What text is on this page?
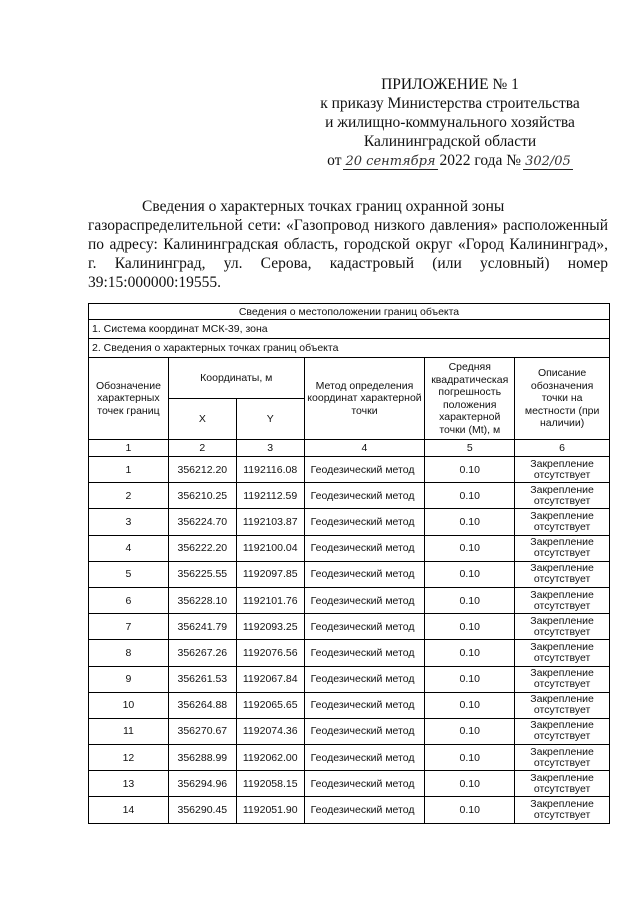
ПРИЛОЖЕНИЕ № 1
к приказу Министерства строительства
и жилищно-коммунального хозяйства
Калининградской области
от 20 сентября 2022 года № 302/05
Сведения о характерных точках границ охранной зоны
газораспределительной сети: «Газопровод низкого давления» расположенный по адресу: Калининградская область, городской округ «Город Калининград», г. Калининград, ул. Серова, кадастровый (или условный) номер 39:15:000000:19555.
Сведения о местоположении границ объекта					
1. Система координат МСК-39, зона					
2. Сведения о характерных точках границ объекта					
Обозначение характерных точек границ	Координаты, м		Метод определения координат характерной точки	Средняя квадратическая погрешность положения характерной точки (Mt), м	Описание обозначения точки на местности (при наличии)
	X	Y			
1	2	3	4	5	6
1	356212.20	1192116.08	Геодезический метод	0.10	Закрепление отсутствует
2	356210.25	1192112.59	Геодезический метод	0.10	Закрепление отсутствует
3	356224.70	1192103.87	Геодезический метод	0.10	Закрепление отсутствует
4	356222.20	1192100.04	Геодезический метод	0.10	Закрепление отсутствует
5	356225.55	1192097.85	Геодезический метод	0.10	Закрепление отсутствует
6	356228.10	1192101.76	Геодезический метод	0.10	Закрепление отсутствует
7	356241.79	1192093.25	Геодезический метод	0.10	Закрепление отсутствует
8	356267.26	1192076.56	Геодезический метод	0.10	Закрепление отсутствует
9	356261.53	1192067.84	Геодезический метод	0.10	Закрепление отсутствует
10	356264.88	1192065.65	Геодезический метод	0.10	Закрепление отсутствует
11	356270.67	1192074.36	Геодезический метод	0.10	Закрепление отсутствует
12	356288.99	1192062.00	Геодезический метод	0.10	Закрепление отсутствует
13	356294.96	1192058.15	Геодезический метод	0.10	Закрепление отсутствует
14	356290.45	1192051.90	Геодезический метод	0.10	Закрепление отсутствует
